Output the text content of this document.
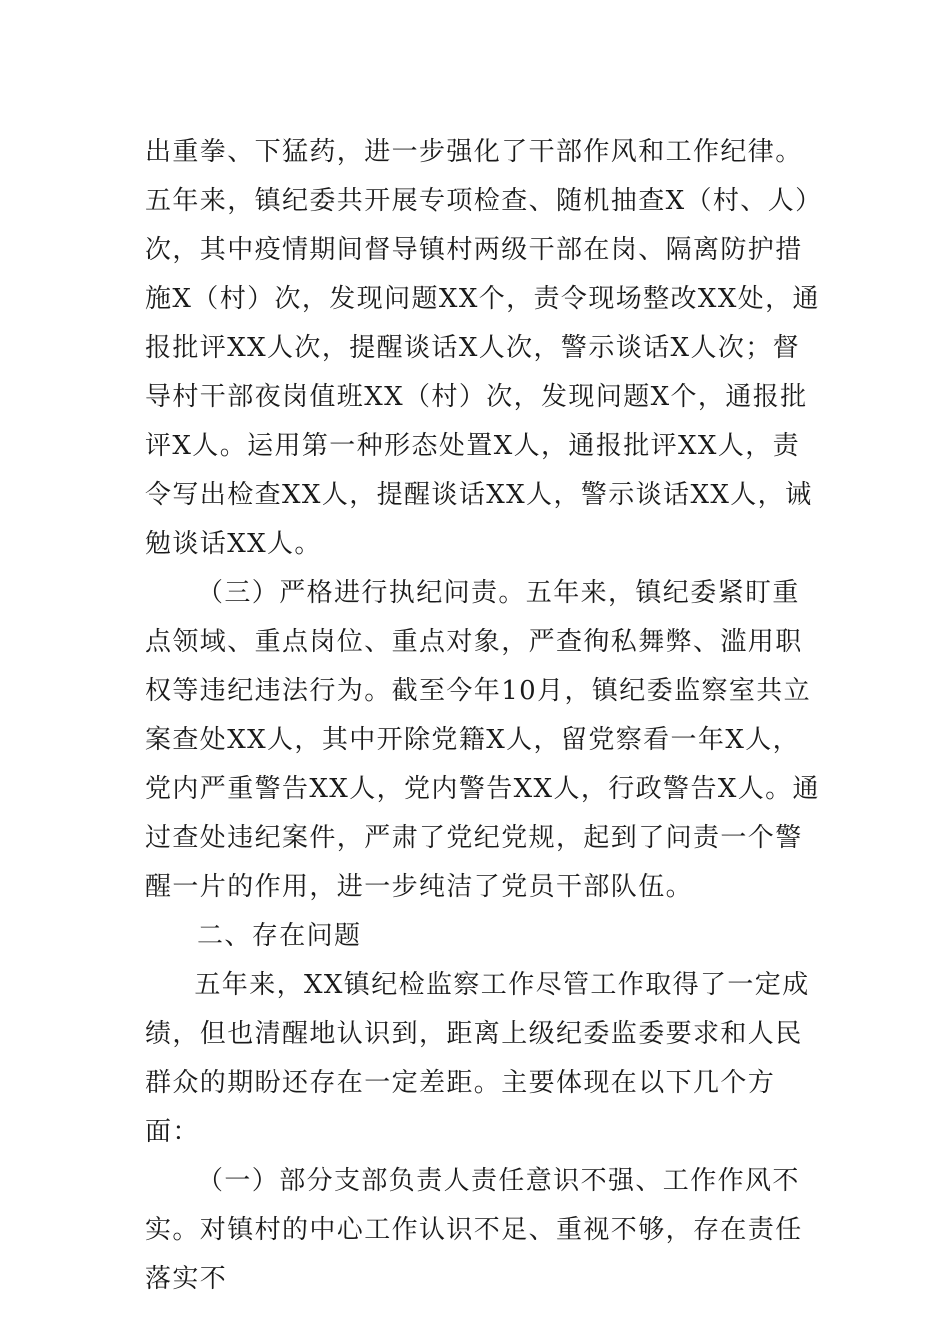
出重拳、下猛药，进一步强化了干部作风和工作纪律。五年来，镇纪委共开展专项检查、随机抽查X（村、人）次，其中疫情期间督导镇村两级干部在岗、隔离防护措施X（村）次，发现问题XX个，责令现场整改XX处，通报批评XX人次，提醒谈话X人次，警示谈话X人次；督导村干部夜岗值班XX（村）次，发现问题X个，通报批评X人。运用第一种形态处置X人，通报批评XX人，责令写出检查XX人，提醒谈话XX人，警示谈话XX人，诫勉谈话XX人。

（三）严格进行执纪问责。五年来，镇纪委紧盯重点领域、重点岗位、重点对象，严查徇私舞弊、滥用职权等违纪违法行为。截至今年10月，镇纪委监察室共立案查处XX人，其中开除党籍X人，留党察看一年X人，党内严重警告XX人，党内警告XX人，行政警告X人。通过查处违纪案件，严肃了党纪党规，起到了问责一个警醒一片的作用，进一步纯洁了党员干部队伍。

二、存在问题

五年来，XX镇纪检监察工作尽管工作取得了一定成绩，但也清醒地认识到，距离上级纪委监委要求和人民群众的期盼还存在一定差距。主要体现在以下几个方面：

（一）部分支部负责人责任意识不强、工作作风不实。对镇村的中心工作认识不足、重视不够，存在责任落实不
